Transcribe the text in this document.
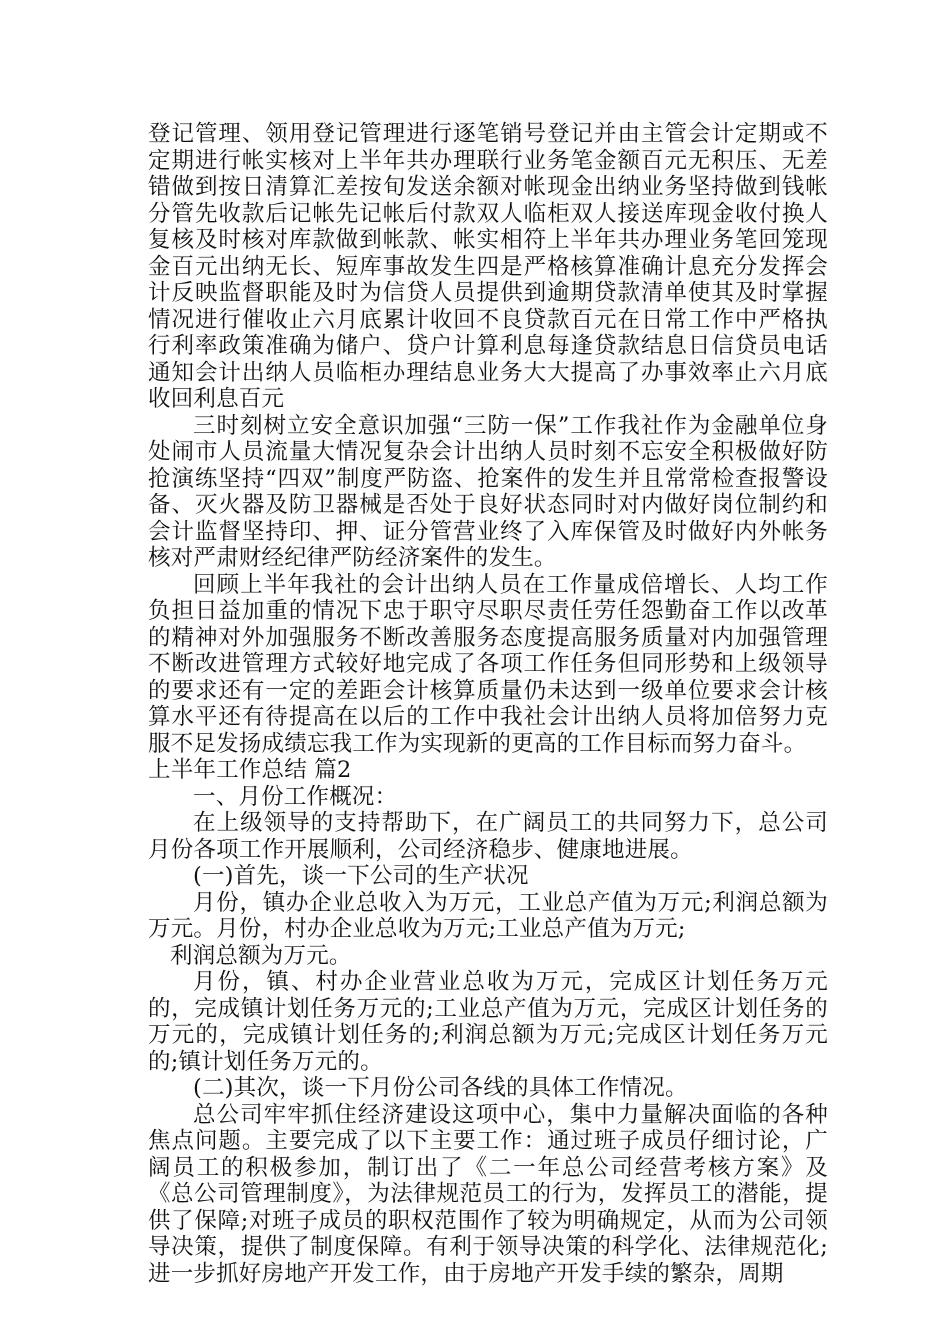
登记管理、领用登记管理进行逐笔销号登记并由主管会计定期或不定期进行帐实核对上半年共办理联行业务笔金额百元无积压、无差错做到按日清算汇差按旬发送余额对帐现金出纳业务坚持做到钱帐分管先收款后记帐先记帐后付款双人临柜双人接送库现金收付换人复核及时核对库款做到帐款、帐实相符上半年共办理业务笔回笼现金百元出纳无长、短库事故发生四是严格核算准确计息充分发挥会计反映监督职能及时为信贷人员提供到逾期贷款清单使其及时掌握情况进行催收止六月底累计收回不良贷款百元在日常工作中严格执行利率政策准确为储户、贷户计算利息每逢贷款结息日信贷员电话通知会计出纳人员临柜办理结息业务大大提高了办事效率止六月底收回利息百元

三时刻树立安全意识加强“三防一保”工作我社作为金融单位身处闹市人员流量大情况复杂会计出纳人员时刻不忘安全积极做好防抢演练坚持“四双”制度严防盗、抢案件的发生并且常常检查报警设备、灭火器及防卫器械是否处于良好状态同时对内做好岗位制约和会计监督坚持印、押、证分管营业终了入库保管及时做好内外帐务核对严肃财经纪律严防经济案件的发生。

回顾上半年我社的会计出纳人员在工作量成倍增长、人均工作负担日益加重的情况下忠于职守尽职尽责任劳任怨勤奋工作以改革的精神对外加强服务不断改善服务态度提高服务质量对内加强管理不断改进管理方式较好地完成了各项工作任务但同形势和上级领导的要求还有一定的差距会计核算质量仍未达到一级单位要求会计核算水平还有待提高在以后的工作中我社会计出纳人员将加倍努力克服不足发扬成绩忘我工作为实现新的更高的工作目标而努力奋斗。

上半年工作总结 篇2

一、月份工作概况：

在上级领导的支持帮助下，在广阔员工的共同努力下，总公司月份各项工作开展顺利，公司经济稳步、健康地进展。

(一)首先，谈一下公司的生产状况

月份，镇办企业总收入为万元，工业总产值为万元;利润总额为万元。月份，村办企业总收为万元;工业总产值为万元;

利润总额为万元。

月份，镇、村办企业营业总收为万元，完成区计划任务万元的，完成镇计划任务万元的;工业总产值为万元，完成区计划任务的万元的，完成镇计划任务的;利润总额为万元;完成区计划任务万元的;镇计划任务万元的。

(二)其次，谈一下月份公司各线的具体工作情况。

总公司牢牢抓住经济建设这项中心，集中力量解决面临的各种焦点问题。主要完成了以下主要工作：通过班子成员仔细讨论，广阔员工的积极参加，制订出了《二一年总公司经营考核方案》及《总公司管理制度》，为法律规范员工的行为，发挥员工的潜能，提供了保障;对班子成员的职权范围作了较为明确规定，从而为公司领导决策，提供了制度保障。有利于领导决策的科学化、法律规范化;进一步抓好房地产开发工作，由于房地产开发手续的繁杂，周期
